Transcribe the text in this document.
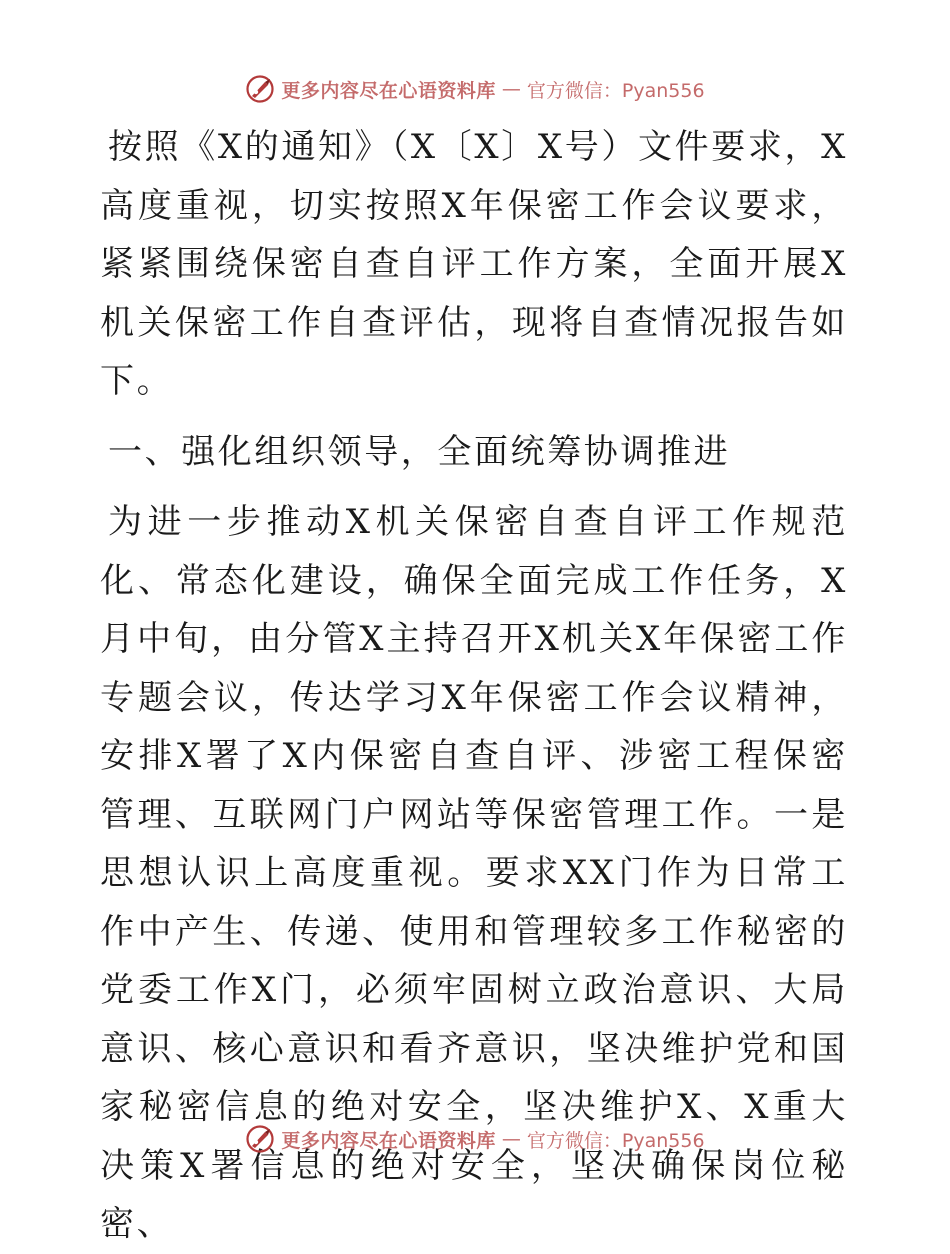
更多内容尽在心语资料库 — 官方微信：Pyan556

按照《X的通知》（X〔X〕X号）文件要求，X高度重视，切实按照X年保密工作会议要求，紧紧围绕保密自查自评工作方案，全面开展X机关保密工作自查评估，现将自查情况报告如下。

一、强化组织领导，全面统筹协调推进

为进一步推动X机关保密自查自评工作规范化、常态化建设，确保全面完成工作任务，X月中旬，由分管X主持召开X机关X年保密工作专题会议，传达学习X年保密工作会议精神，安排X署了X内保密自查自评、涉密工程保密管理、互联网门户网站等保密管理工作。一是思想认识上高度重视。要求XX门作为日常工作中产生、传递、使用和管理较多工作秘密的党委工作X门，必须牢固树立政治意识、大局意识、核心意识和看齐意识，坚决维护党和国家秘密信息的绝对安全，坚决维护X、X重大决策X署信息的绝对安全，坚决确保岗位秘密、

更多内容尽在心语资料库 — 官方微信：Pyan556
